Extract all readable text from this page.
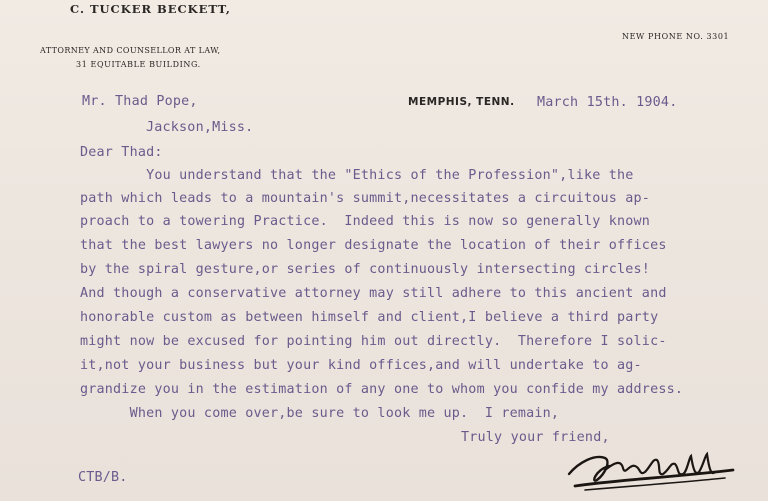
C. TUCKER BECKETT,
ATTORNEY AND COUNSELLOR AT LAW,
31 EQUITABLE BUILDING.
NEW PHONE NO. 3301
MEMPHIS, TENN. March 15th. 1904.
Mr. Thad Pope,
Jackson,Miss.
Dear Thad:
You understand that the "Ethics of the Profession",like the
path which leads to a mountain's summit,necessitates a circuitous ap-
proach to a towering Practice.  Indeed this is now so generally known
that the best lawyers no longer designate the location of their offices
by the spiral gesture,or series of continuously intersecting circles!
And though a conservative attorney may still adhere to this ancient and
honorable custom as between himself and client,I believe a third party
might now be excused for pointing him out directly.  Therefore I solic-
it,not your business but your kind offices,and will undertake to ag-
grandize you in the estimation of any one to whom you confide my address.
When you come over,be sure to look me up.  I remain,
Truly your friend,
CTB/B.
